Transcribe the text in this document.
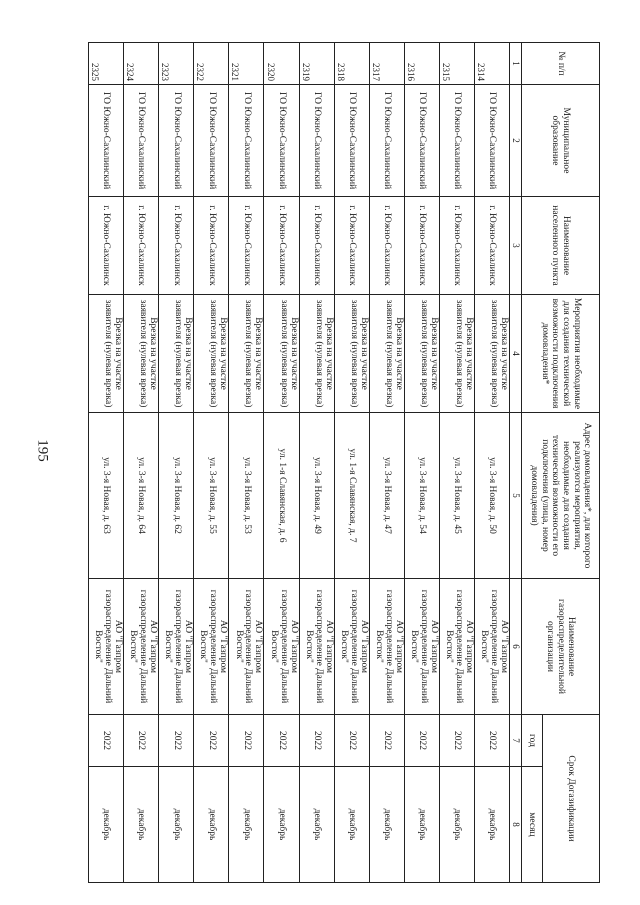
195
№ п/п	Муниципальное образование	Наименование населенного пункта	Мероприятия необходимые для создания технической возможности подключения домовладения*	Адрес домовладения*, для которого реализуются мероприятия, необходимые для создания технической возможности его подключения (улица, номер домовладения)	Наименование газораспределительной организации	Срок Догазификации	
						год	месяц
1	2	3	4	5	6	7	8
2314	ГО Южно-Сахалинский	г. Южно-Сахалинск	Врезка на участке заявителя (нулевая врезка)	ул. 3-я Новая, д. 50	АО "Газпром газораспределение Дальний Восток"	2022	декабрь
2315	ГО Южно-Сахалинский	г. Южно-Сахалинск	Врезка на участке заявителя (нулевая врезка)	ул. 3-я Новая, д. 45	АО "Газпром газораспределение Дальний Восток"	2022	декабрь
2316	ГО Южно-Сахалинский	г. Южно-Сахалинск	Врезка на участке заявителя (нулевая врезка)	ул. 3-я Новая, д. 54	АО "Газпром газораспределение Дальний Восток"	2022	декабрь
2317	ГО Южно-Сахалинский	г. Южно-Сахалинск	Врезка на участке заявителя (нулевая врезка)	ул. 3-я Новая, д. 47	АО "Газпром газораспределение Дальний Восток"	2022	декабрь
2318	ГО Южно-Сахалинский	г. Южно-Сахалинск	Врезка на участке заявителя (нулевая врезка)	ул. 1-я Славянская, д. 7	АО "Газпром газораспределение Дальний Восток"	2022	декабрь
2319	ГО Южно-Сахалинский	г. Южно-Сахалинск	Врезка на участке заявителя (нулевая врезка)	ул. 3-я Новая, д. 49	АО "Газпром газораспределение Дальний Восток"	2022	декабрь
2320	ГО Южно-Сахалинский	г. Южно-Сахалинск	Врезка на участке заявителя (нулевая врезка)	ул. 1-я Славянская, д. 6	АО "Газпром газораспределение Дальний Восток"	2022	декабрь
2321	ГО Южно-Сахалинский	г. Южно-Сахалинск	Врезка на участке заявителя (нулевая врезка)	ул. 3-я Новая, д. 53	АО "Газпром газораспределение Дальний Восток"	2022	декабрь
2322	ГО Южно-Сахалинский	г. Южно-Сахалинск	Врезка на участке заявителя (нулевая врезка)	ул. 3-я Новая, д. 55	АО "Газпром газораспределение Дальний Восток"	2022	декабрь
2323	ГО Южно-Сахалинский	г. Южно-Сахалинск	Врезка на участке заявителя (нулевая врезка)	ул. 3-я Новая, д. 62	АО "Газпром газораспределение Дальний Восток"	2022	декабрь
2324	ГО Южно-Сахалинский	г. Южно-Сахалинск	Врезка на участке заявителя (нулевая врезка)	ул. 3-я Новая, д. 64	АО "Газпром газораспределение Дальний Восток"	2022	декабрь
2325	ГО Южно-Сахалинский	г. Южно-Сахалинск	Врезка на участке заявителя (нулевая врезка)	ул. 3-я Новая, д. 63	АО "Газпром газораспределение Дальний Восток"	2022	декабрь
